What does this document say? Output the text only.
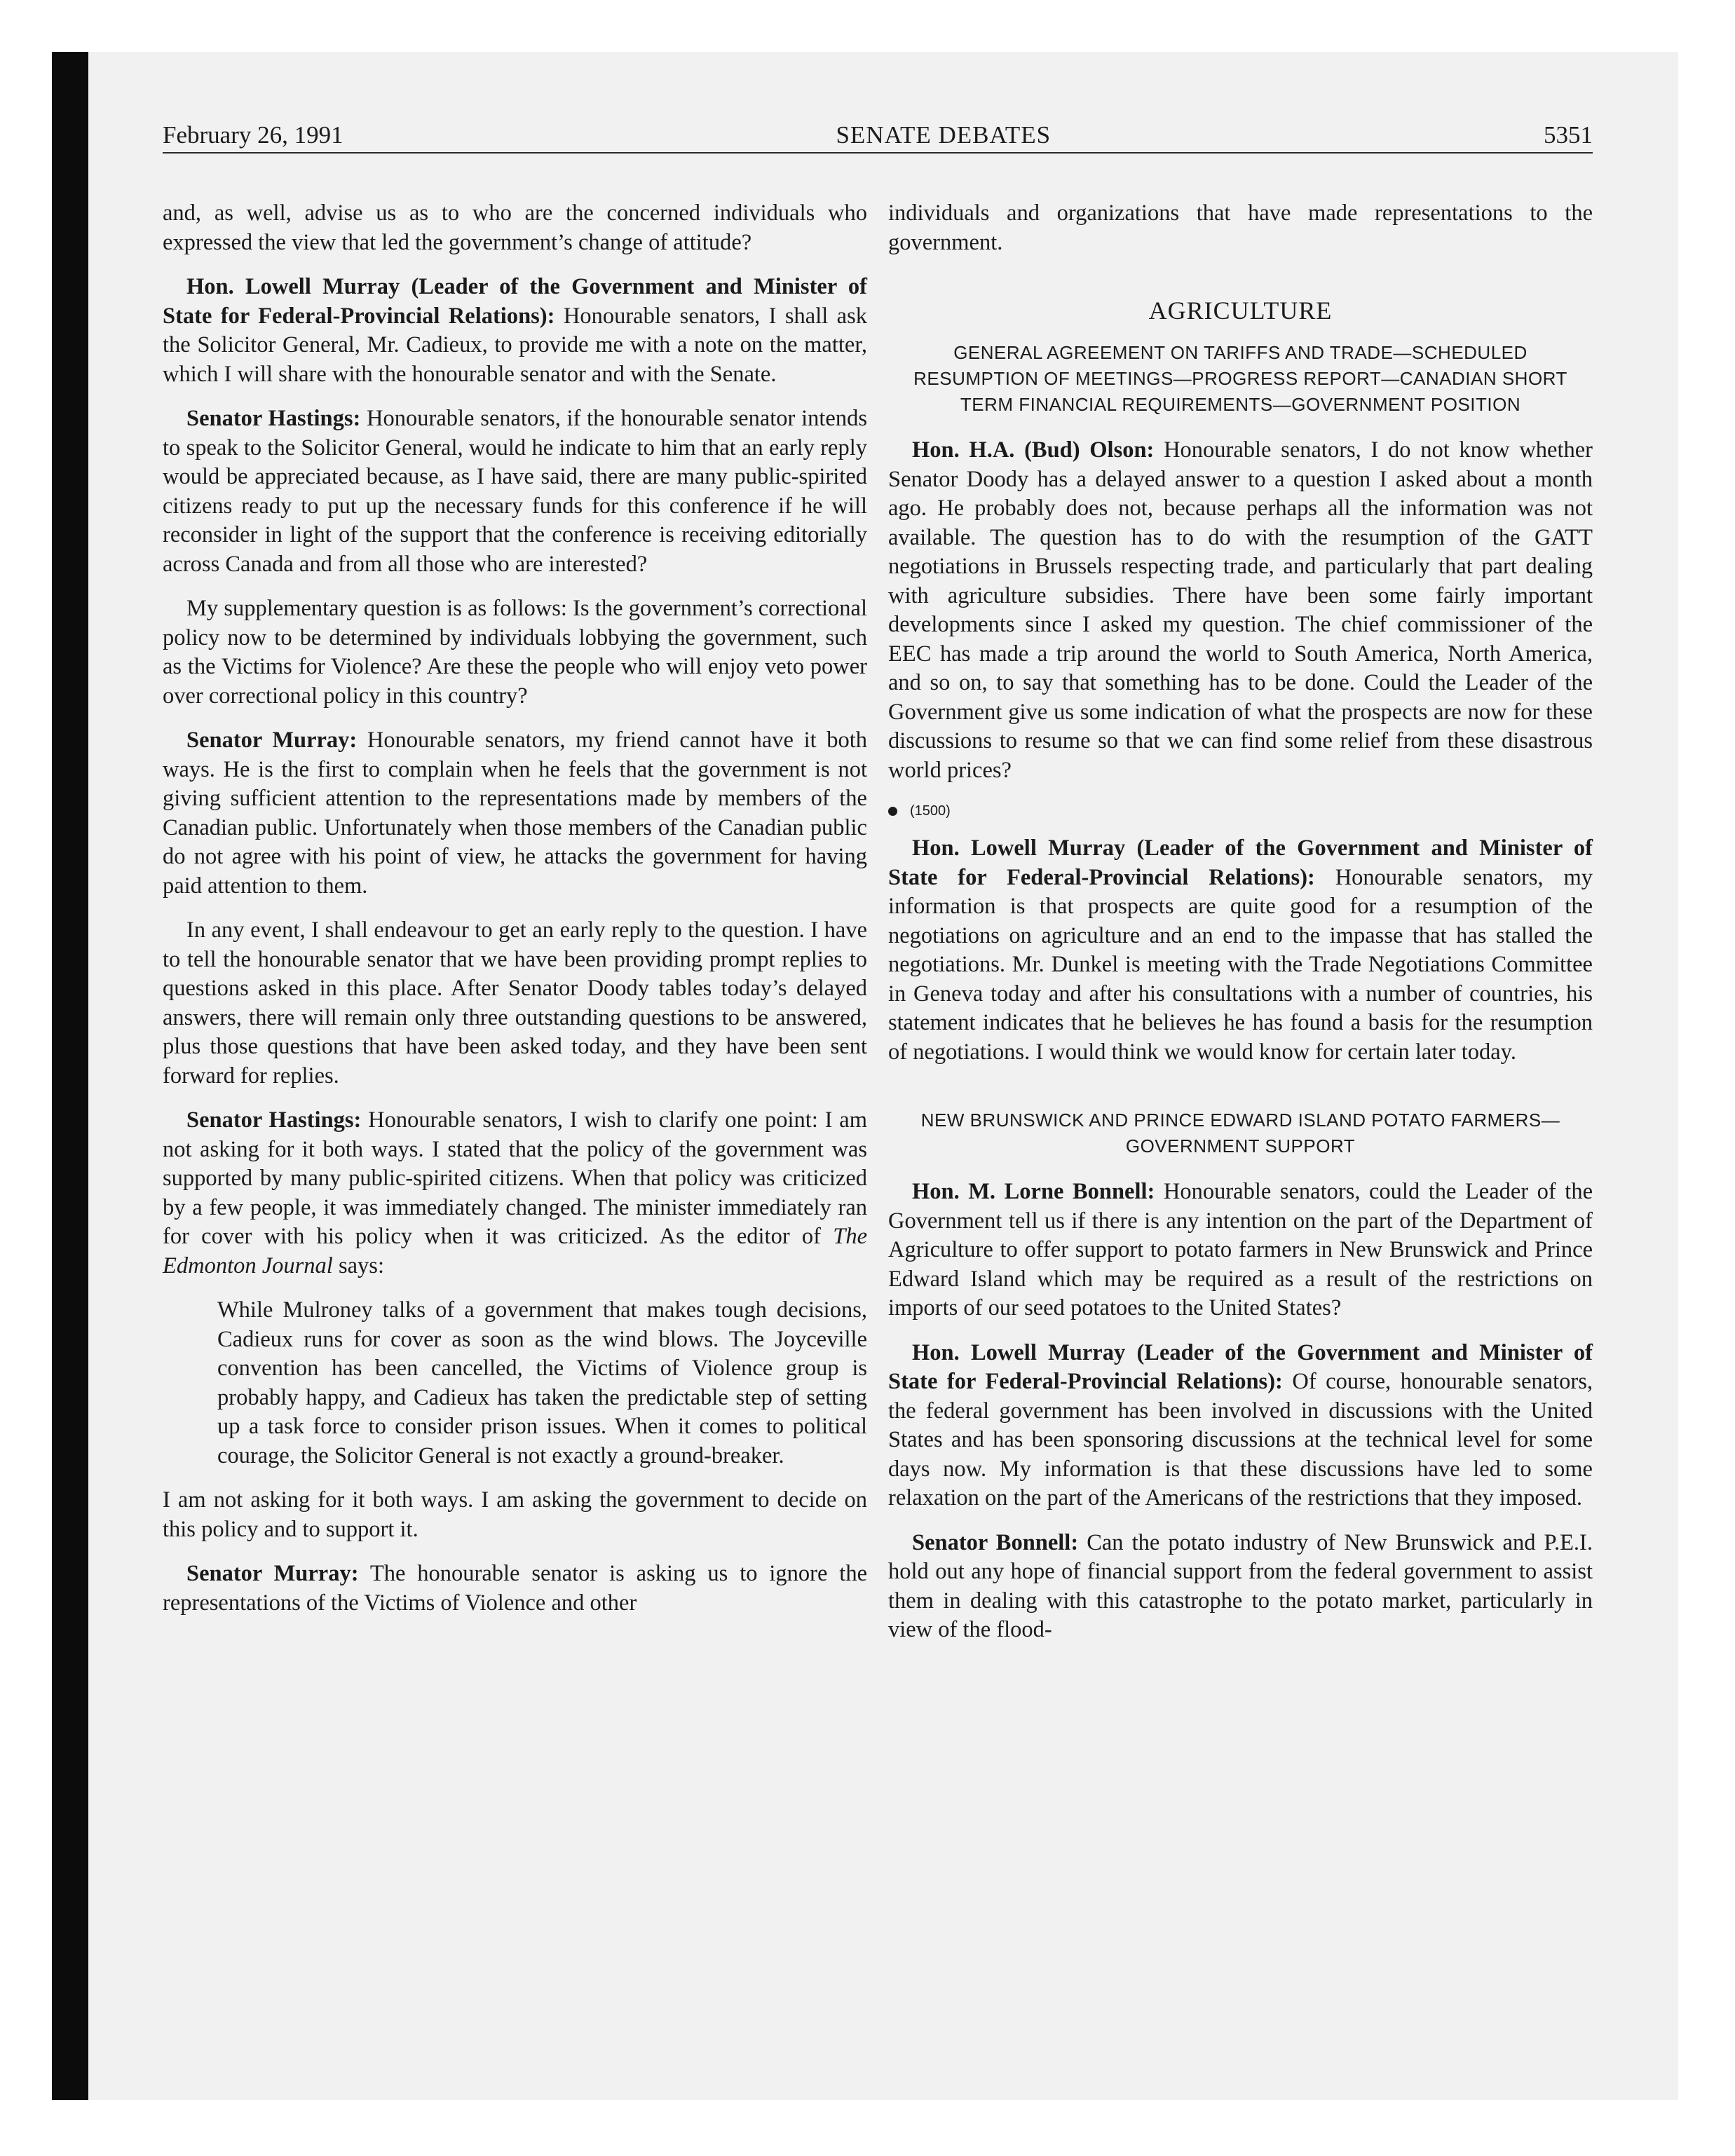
February 26, 1991	SENATE DEBATES	5351

and, as well, advise us as to who are the concerned individuals who expressed the view that led the government’s change of attitude?

Hon. Lowell Murray (Leader of the Government and Minister of State for Federal-Provincial Relations): Honourable senators, I shall ask the Solicitor General, Mr. Cadieux, to provide me with a note on the matter, which I will share with the honourable senator and with the Senate.

Senator Hastings: Honourable senators, if the honourable senator intends to speak to the Solicitor General, would he indicate to him that an early reply would be appreciated because, as I have said, there are many public-spirited citizens ready to put up the necessary funds for this conference if he will reconsider in light of the support that the conference is receiving editorially across Canada and from all those who are interested?

My supplementary question is as follows: Is the government’s correctional policy now to be determined by individuals lobbying the government, such as the Victims for Violence? Are these the people who will enjoy veto power over correctional policy in this country?

Senator Murray: Honourable senators, my friend cannot have it both ways. He is the first to complain when he feels that the government is not giving sufficient attention to the representations made by members of the Canadian public. Unfortunately when those members of the Canadian public do not agree with his point of view, he attacks the government for having paid attention to them.

In any event, I shall endeavour to get an early reply to the question. I have to tell the honourable senator that we have been providing prompt replies to questions asked in this place. After Senator Doody tables today’s delayed answers, there will remain only three outstanding questions to be answered, plus those questions that have been asked today, and they have been sent forward for replies.

Senator Hastings: Honourable senators, I wish to clarify one point: I am not asking for it both ways. I stated that the policy of the government was supported by many public-spirited citizens. When that policy was criticized by a few people, it was immediately changed. The minister immediately ran for cover with his policy when it was criticized. As the editor of The Edmonton Journal says:

While Mulroney talks of a government that makes tough decisions, Cadieux runs for cover as soon as the wind blows. The Joyceville convention has been cancelled, the Victims of Violence group is probably happy, and Cadieux has taken the predictable step of setting up a task force to consider prison issues. When it comes to political courage, the Solicitor General is not exactly a ground-breaker.

I am not asking for it both ways. I am asking the government to decide on this policy and to support it.

Senator Murray: The honourable senator is asking us to ignore the representations of the Victims of Violence and other

individuals and organizations that have made representations to the government.

AGRICULTURE
GENERAL AGREEMENT ON TARIFFS AND TRADE—SCHEDULED RESUMPTION OF MEETINGS—PROGRESS REPORT—CANADIAN SHORT TERM FINANCIAL REQUIREMENTS—GOVERNMENT POSITION

Hon. H.A. (Bud) Olson: Honourable senators, I do not know whether Senator Doody has a delayed answer to a question I asked about a month ago. He probably does not, because perhaps all the information was not available. The question has to do with the resumption of the GATT negotiations in Brussels respecting trade, and particularly that part dealing with agriculture subsidies. There have been some fairly important developments since I asked my question. The chief commissioner of the EEC has made a trip around the world to South America, North America, and so on, to say that something has to be done. Could the Leader of the Government give us some indication of what the prospects are now for these discussions to resume so that we can find some relief from these disastrous world prices?

(1500)

Hon. Lowell Murray (Leader of the Government and Minister of State for Federal-Provincial Relations): Honourable senators, my information is that prospects are quite good for a resumption of the negotiations on agriculture and an end to the impasse that has stalled the negotiations. Mr. Dunkel is meeting with the Trade Negotiations Committee in Geneva today and after his consultations with a number of countries, his statement indicates that he believes he has found a basis for the resumption of negotiations. I would think we would know for certain later today.

NEW BRUNSWICK AND PRINCE EDWARD ISLAND POTATO FARMERS—GOVERNMENT SUPPORT

Hon. M. Lorne Bonnell: Honourable senators, could the Leader of the Government tell us if there is any intention on the part of the Department of Agriculture to offer support to potato farmers in New Brunswick and Prince Edward Island which may be required as a result of the restrictions on imports of our seed potatoes to the United States?

Hon. Lowell Murray (Leader of the Government and Minister of State for Federal-Provincial Relations): Of course, honourable senators, the federal government has been involved in discussions with the United States and has been sponsoring discussions at the technical level for some days now. My information is that these discussions have led to some relaxation on the part of the Americans of the restrictions that they imposed.

Senator Bonnell: Can the potato industry of New Brunswick and P.E.I. hold out any hope of financial support from the federal government to assist them in dealing with this catastrophe to the potato market, particularly in view of the flood-
